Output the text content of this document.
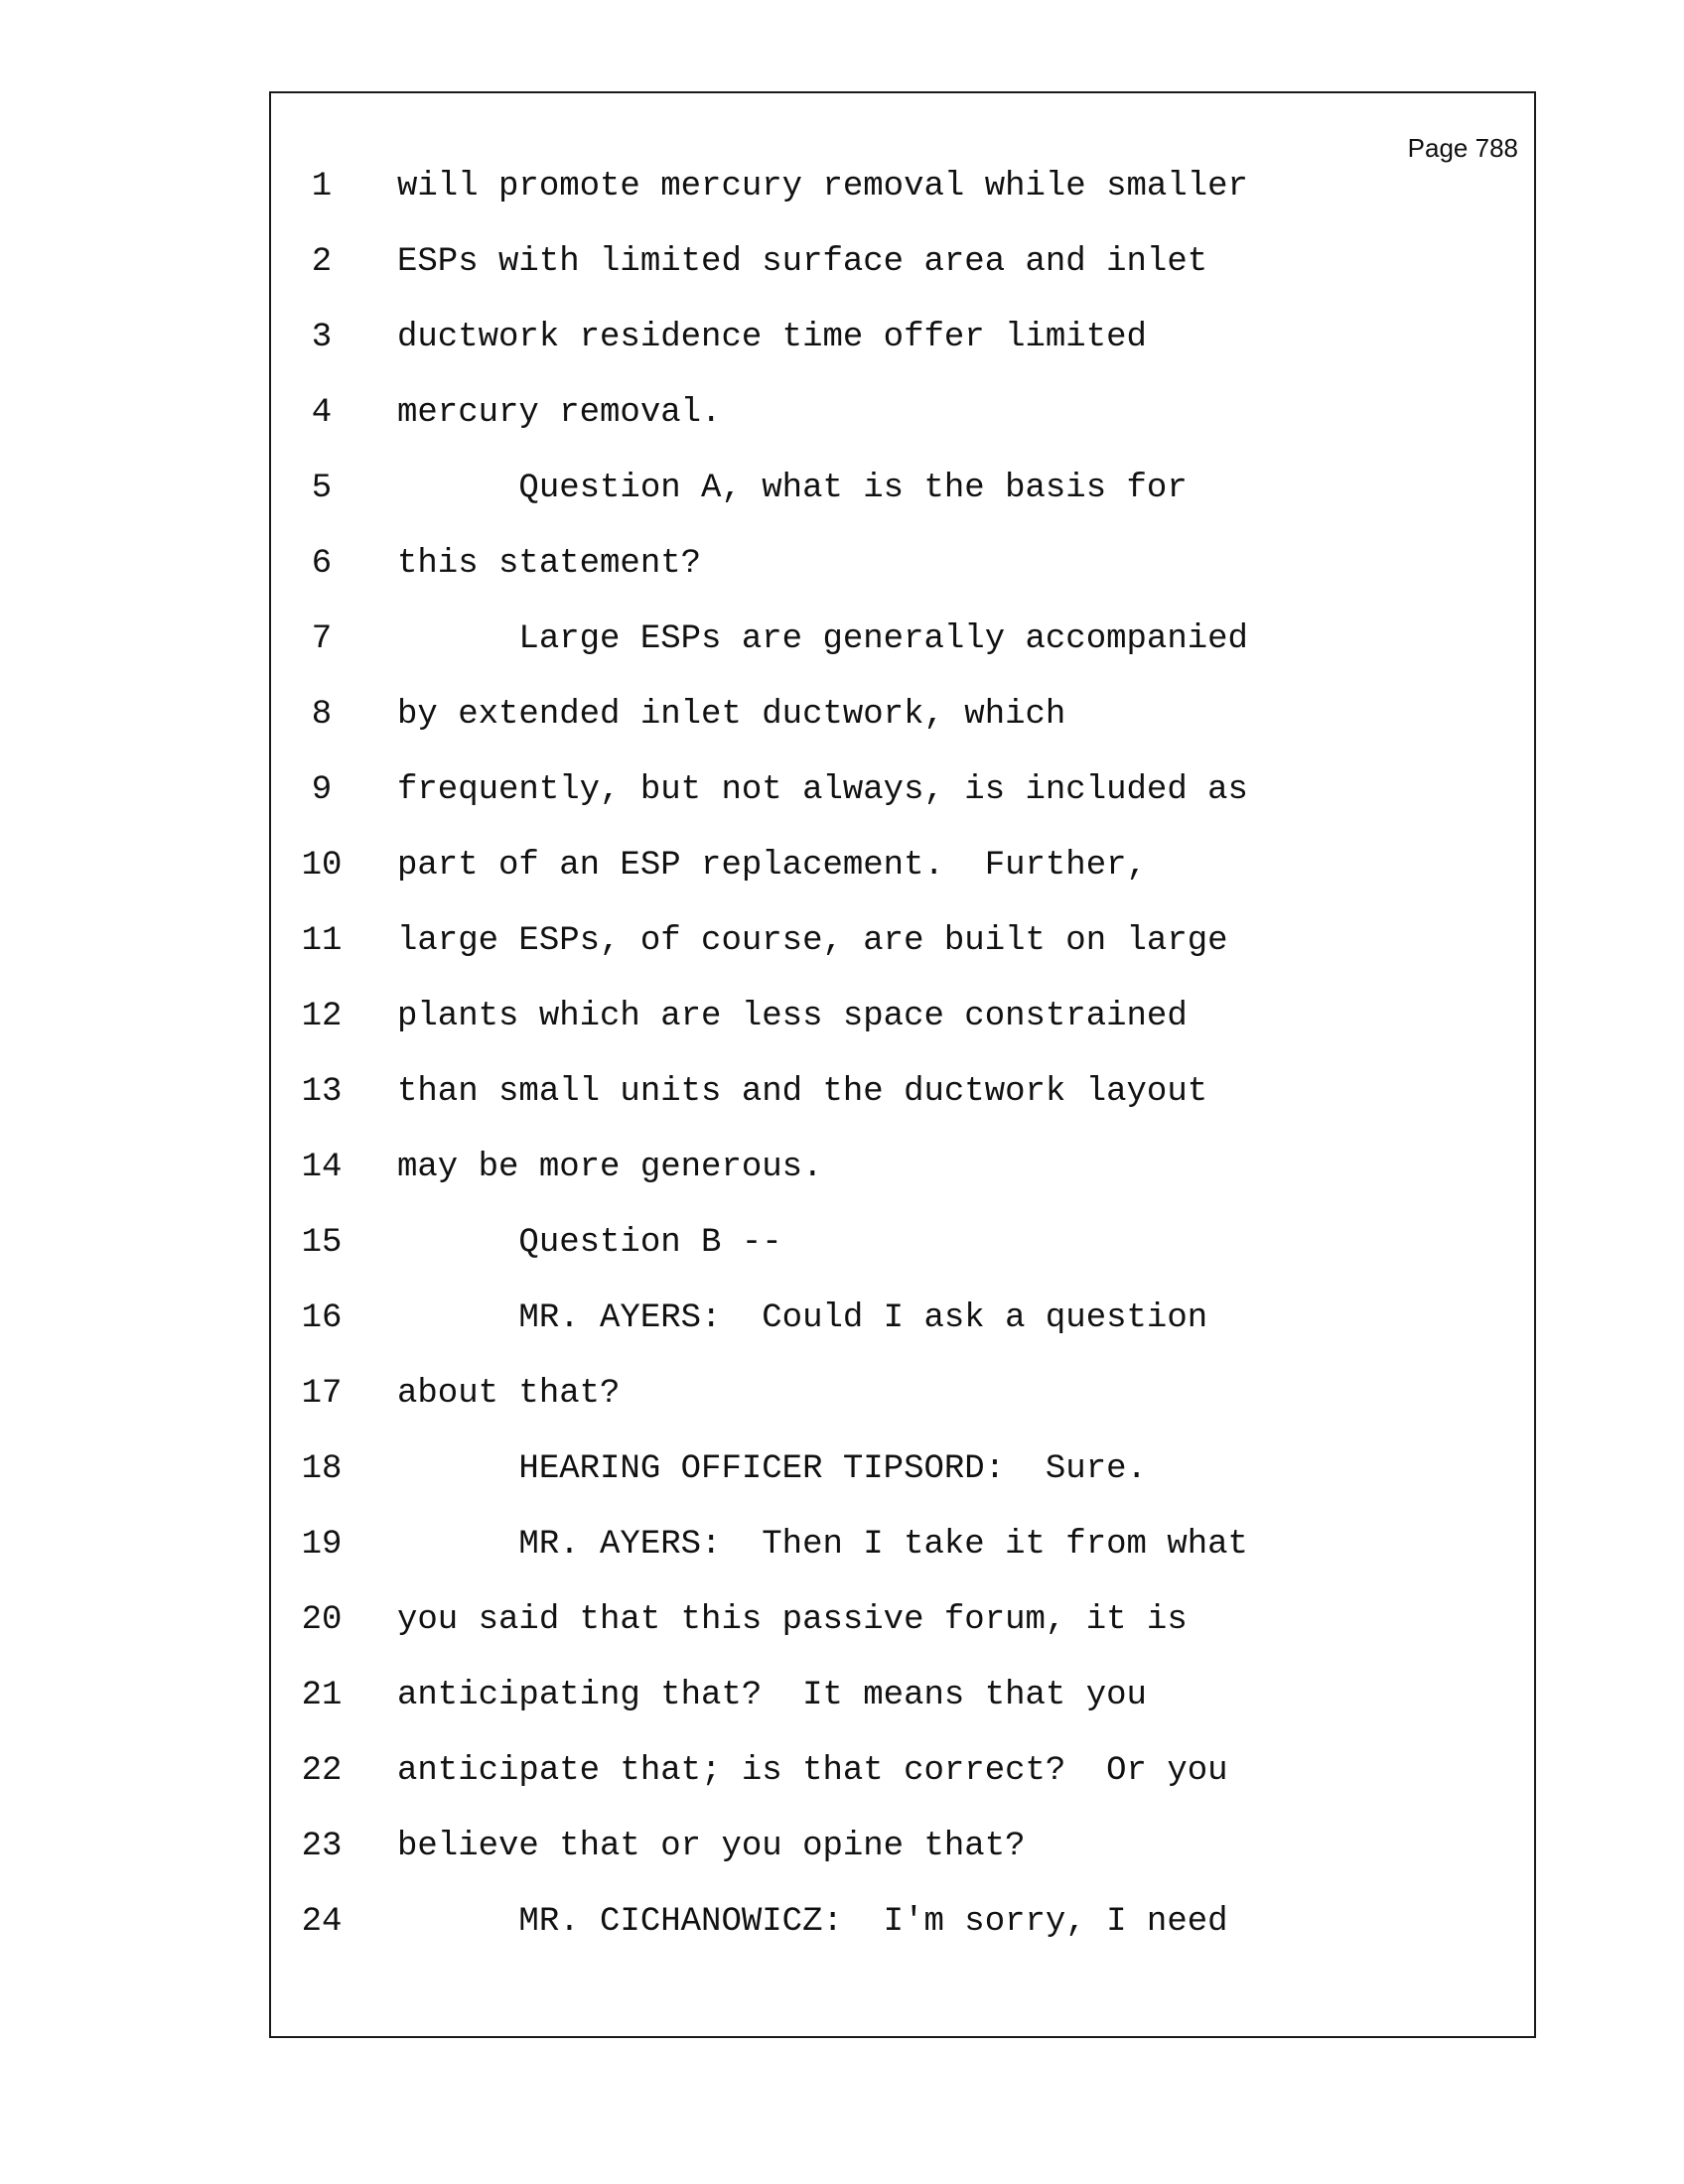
Page 788
1	will promote mercury removal while smaller
2	ESPs with limited surface area and inlet
3	ductwork residence time offer limited
4	mercury removal.
5	Question A, what is the basis for
6	this statement?
7	Large ESPs are generally accompanied
8	by extended inlet ductwork, which
9	frequently, but not always, is included as
10 part of an ESP replacement.  Further,
11 large ESPs, of course, are built on large
12 plants which are less space constrained
13 than small units and the ductwork layout
14 may be more generous.
15 Question B --
16 MR. AYERS:  Could I ask a question
17 about that?
18 HEARING OFFICER TIPSORD:  Sure.
19 MR. AYERS:  Then I take it from what
20 you said that this passive forum, it is
21 anticipating that?  It means that you
22 anticipate that; is that correct?  Or you
23 believe that or you opine that?
24 MR. CICHANOWICZ:  I'm sorry, I need
